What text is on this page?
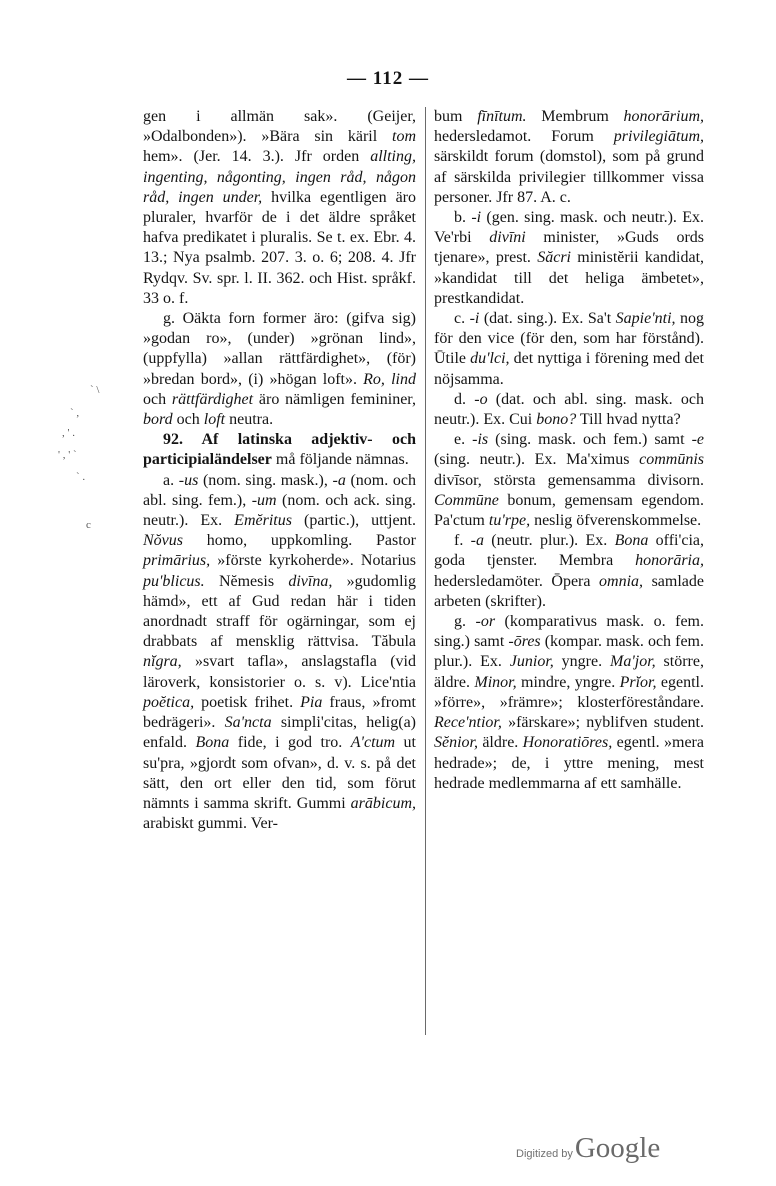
— 112 —

gen i allmän sak». (Geijer, »Odalbonden»). »Bära sin käril tom hem». (Jer. 14. 3.). Jfr orden allting, ingenting, någonting, ingen råd, någon råd, ingen under, hvilka egentligen äro pluraler, hvarför de i det äldre språket hafva predikatet i pluralis. Se t. ex. Ebr. 4. 13.; Nya psalmb. 207. 3. o. 6; 208. 4. Jfr Rydqv. Sv. spr. l. II. 362. och Hist. språkf. 33 o. f.

g. Oäkta forn former äro: (gifva sig) »godan ro», (under) »grönan lind», (uppfylla) »allan rättfärdighet», (för) »bredan bord», (i) »högan loft». Ro, lind och rättfärdighet äro nämligen femininer, bord och loft neutra.

92. Af latinska adjektiv- och participialändelser må följande nämnas.

a. -us (nom. sing. mask.), -a (nom. och abl. sing. fem.), -um (nom. och ack. sing. neutr.). Ex. Emĕritus (partic.), uttjent. Nŏvus homo, uppkomling. Pastor primārius, »förste kyrkoherde». Notarius pu'blicus. Nĕmesis divīna, »gudomlig hämd», ett af Gud redan här i tiden anordnadt straff för ogärningar, som ej drabbats af mensklig rättvisa. Tăbula nĭgra, »svart tafla», anslagstafla (vid läroverk, konsistorier o. s. v). Lice'ntia poĕtica, poetisk frihet. Pia fraus, »fromt bedrägeri». Sa'ncta simpli'citas, helig(a) enfald. Bona fide, i god tro. A'ctum ut su'pra, »gjordt som ofvan», d. v. s. på det sätt, den ort eller den tid, som förut nämnts i samma skrift. Gummi arābicum, arabiskt gummi. Ver-

bum fīnītum. Membrum honorārium, hedersledamot. Forum privilegiātum, särskildt forum (domstol), som på grund af särskilda privilegier tillkommer vissa personer. Jfr 87. A. c.

b. -i (gen. sing. mask. och neutr.). Ex. Ve'rbi divīni minister, »Guds ords tjenare», prest. Săcri ministĕrii kandidat, »kandidat till det heliga ämbetet», prestkandidat.

c. -i (dat. sing.). Ex. Sa't Sapie'nti, nog för den vice (för den, som har förstånd). Ūtile du'lci, det nyttiga i förening med det nöjsamma.

d. -o (dat. och abl. sing. mask. och neutr.). Ex. Cui bono? Till hvad nytta?

e. -is (sing. mask. och fem.) samt -e (sing. neutr.). Ex. Ma'ximus commūnis divīsor, största gemensamma divisorn. Commūne bonum, gemensam egendom. Pa'ctum tu'rpe, neslig öfverenskommelse.

f. -a (neutr. plur.). Ex. Bona offi'cia, goda tjenster. Membra honorāria, hedersledamöter. Ōpera omnia, samlade arbeten (skrifter).

g. -or (komparativus mask. o. fem. sing.) samt -ōres (kompar. mask. och fem. plur.). Ex. Junior, yngre. Ma'jor, större, äldre. Minor, mindre, yngre. Prĭor, egentl. »förre», »främre»; klosterföreståndare. Rece'ntior, »färskare»; nyblifven student. Sĕnior, äldre. Honoratiōres, egentl. »mera hedrade»; de, i yttre mening, mest hedrade medlemmarna af ett samhälle.

` \
` ,
, ' .
' , ' `
` .
c
Digitized by Google
